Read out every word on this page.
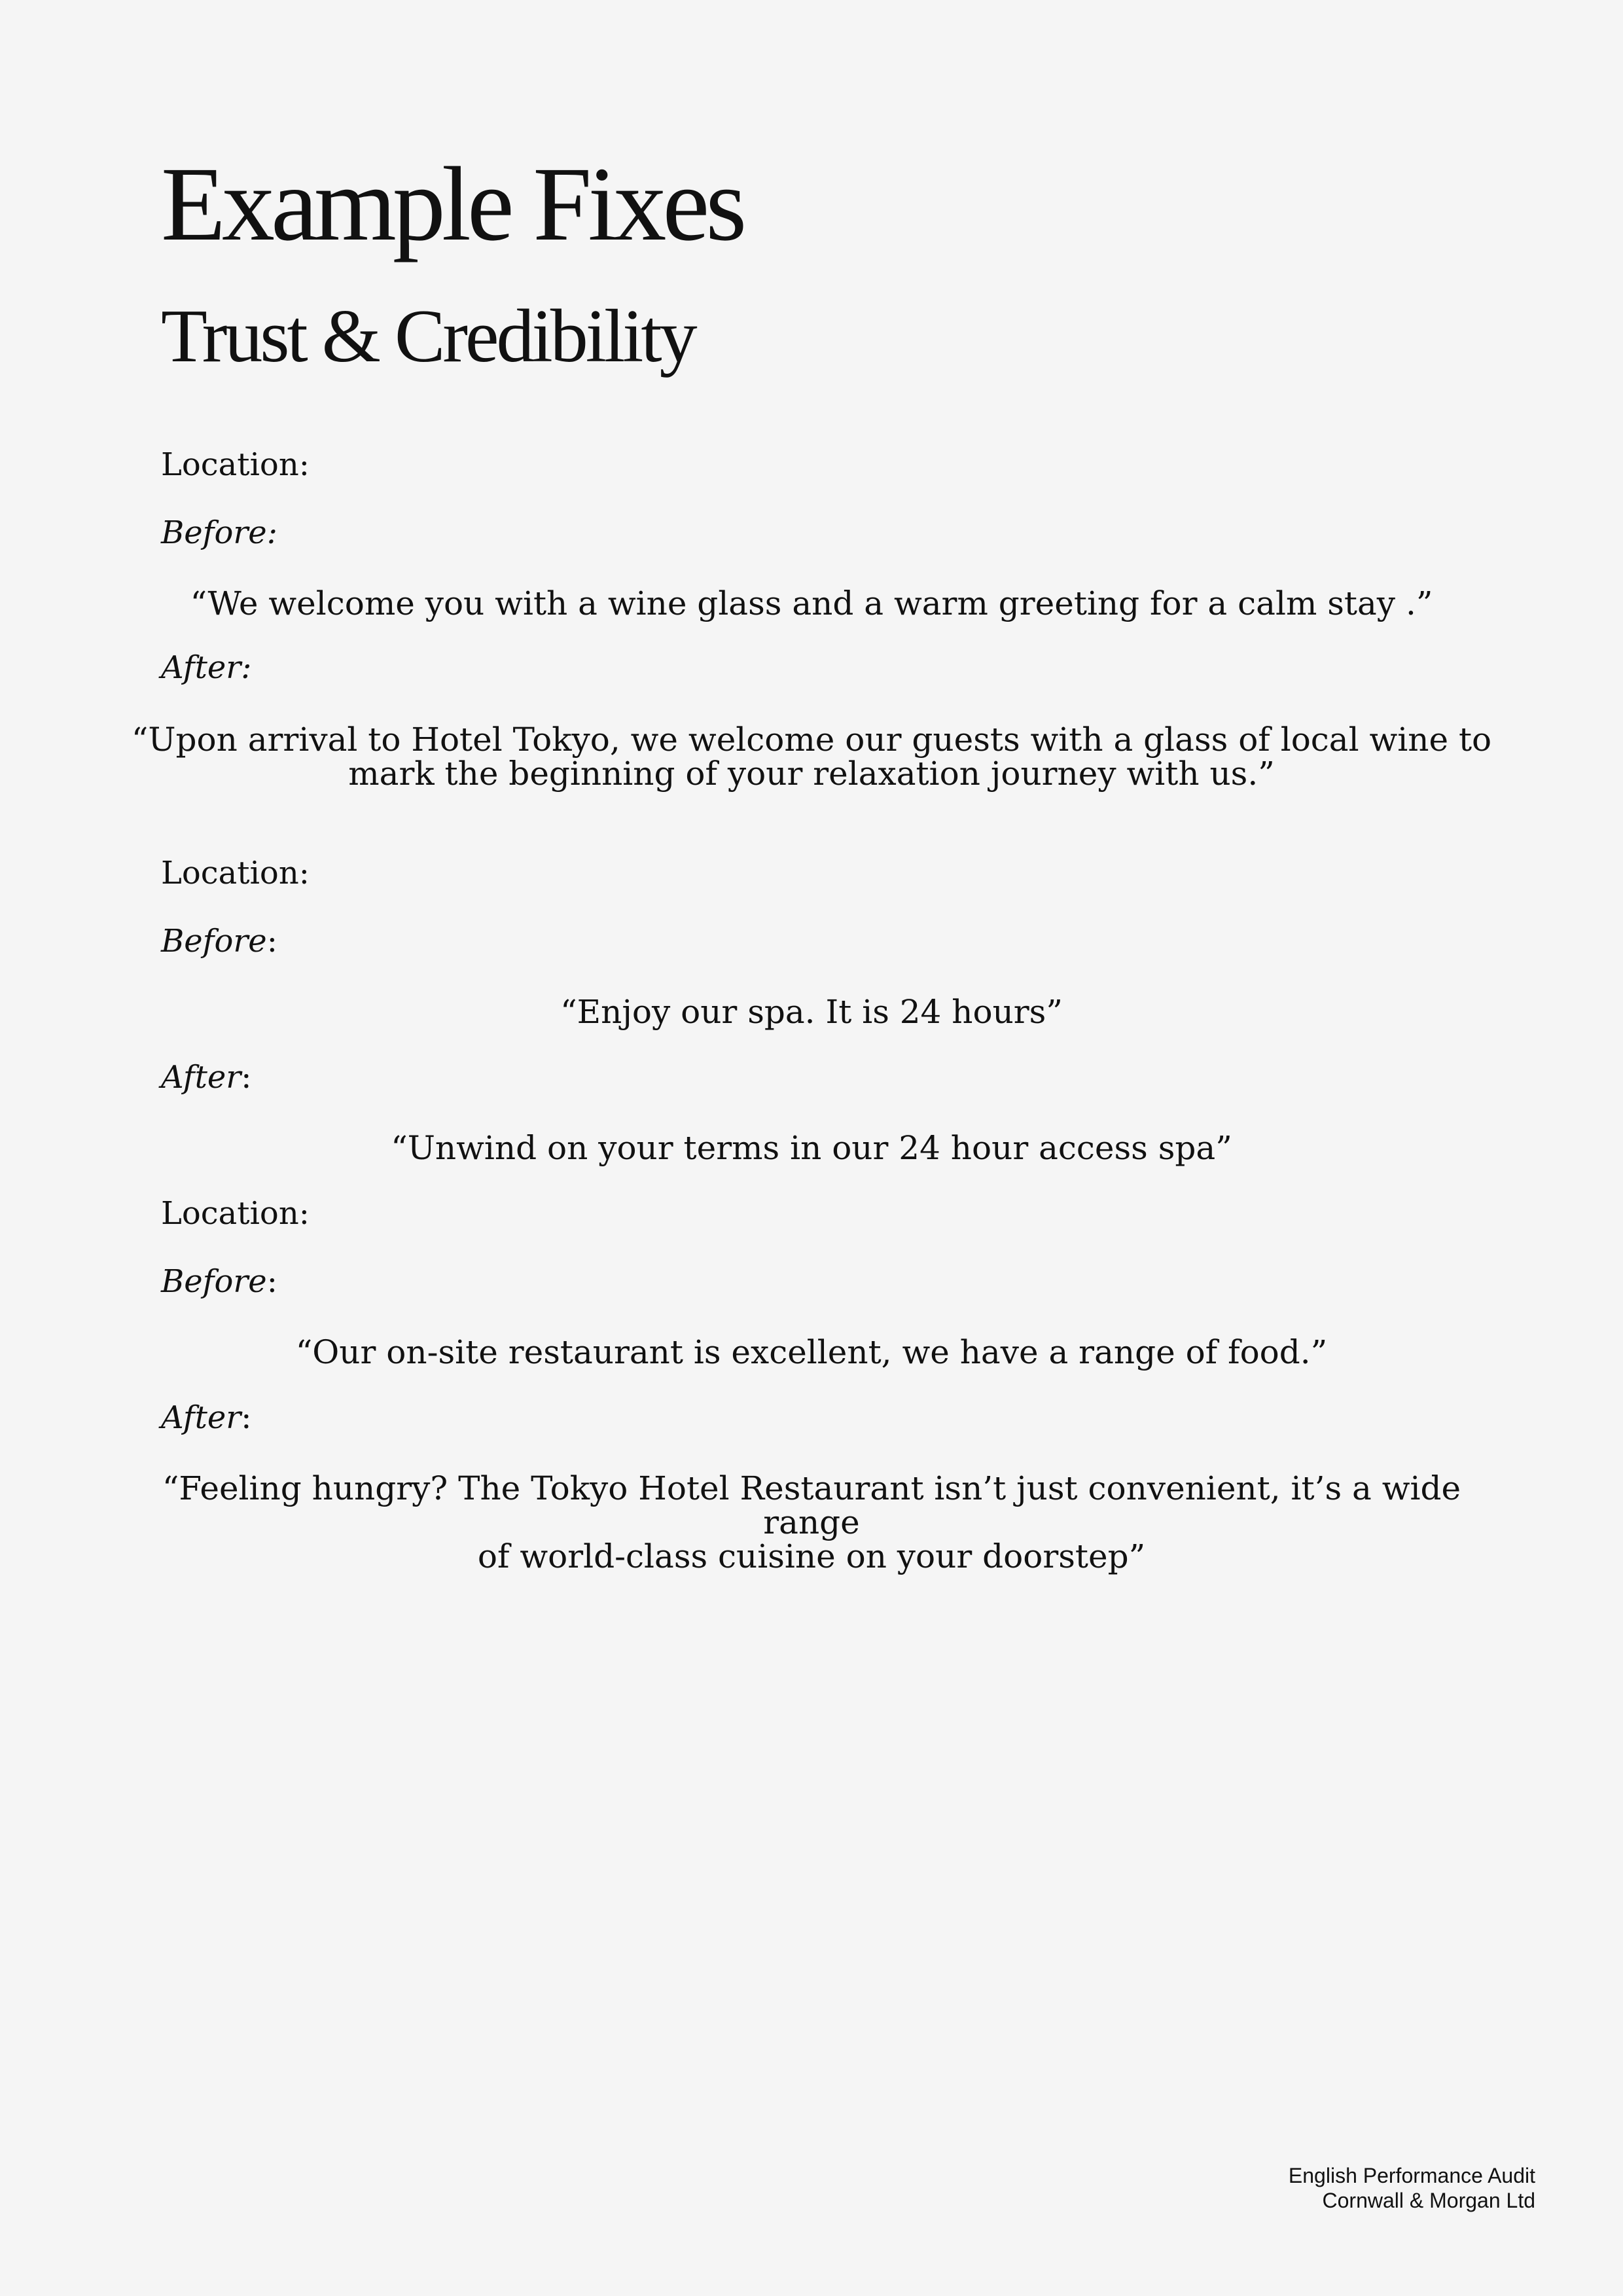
Example Fixes
Trust & Credibility
Location:
Before:
“We welcome you with a wine glass and a warm greeting for a calm stay .”
After:
“Upon arrival to Hotel Tokyo, we welcome our guests with a glass of local wine to
mark the beginning of your relaxation journey with us.”
Location:
Before:
“Enjoy our spa. It is 24 hours”
After:
“Unwind on your terms in our 24 hour access spa”
Location:
Before:
“Our on-site restaurant is excellent, we have a range of food.”
After:
“Feeling hungry? The Tokyo Hotel Restaurant isn’t just convenient, it’s a wide range
of world-class cuisine on your doorstep”
English Performance Audit
Cornwall & Morgan Ltd
